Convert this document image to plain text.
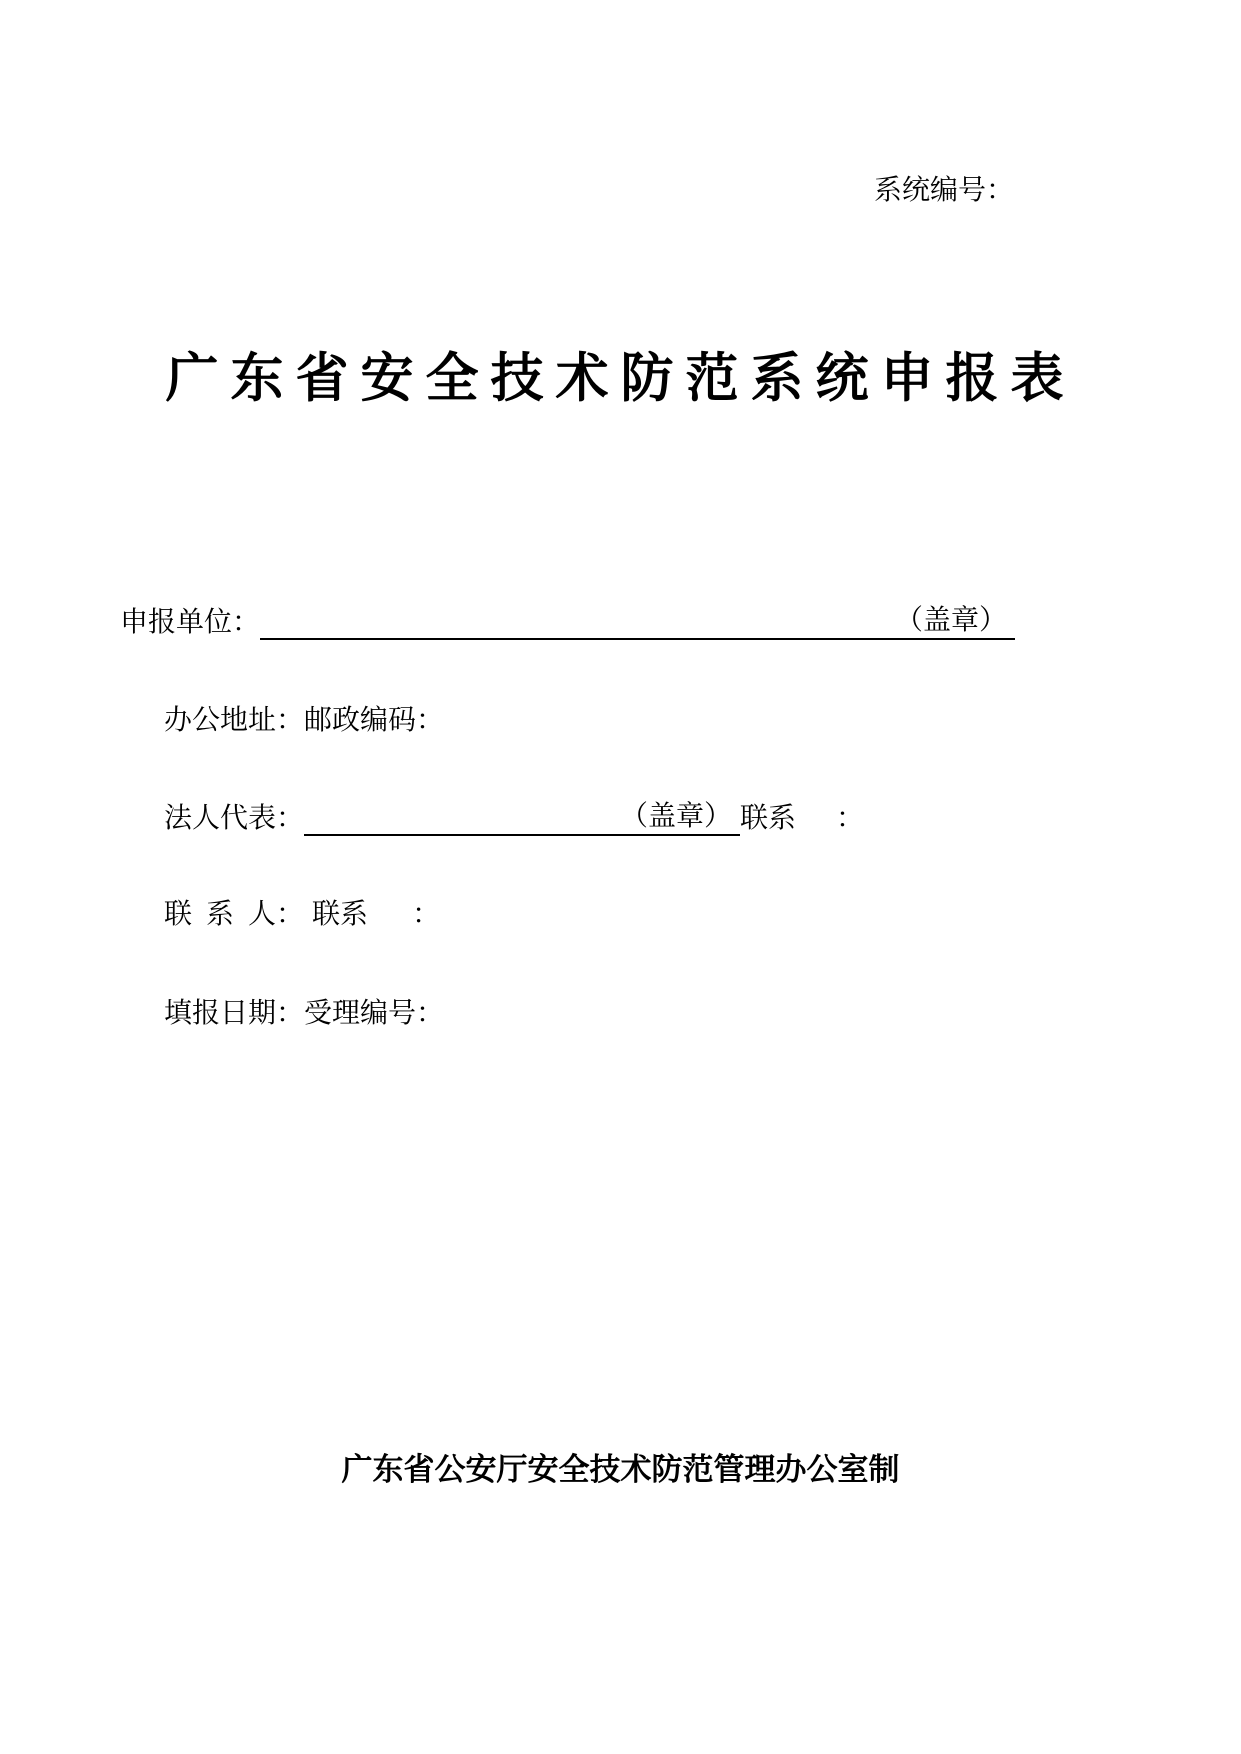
系统编号：
广东省安全技术防范系统申报表
申报单位：	（盖章）
办公地址：邮政编码：
法人代表：	（盖章） 联系 ：
联 系 人： 联系 ：
填报日期：受理编号：
广东省公安厅安全技术防范管理办公室制
